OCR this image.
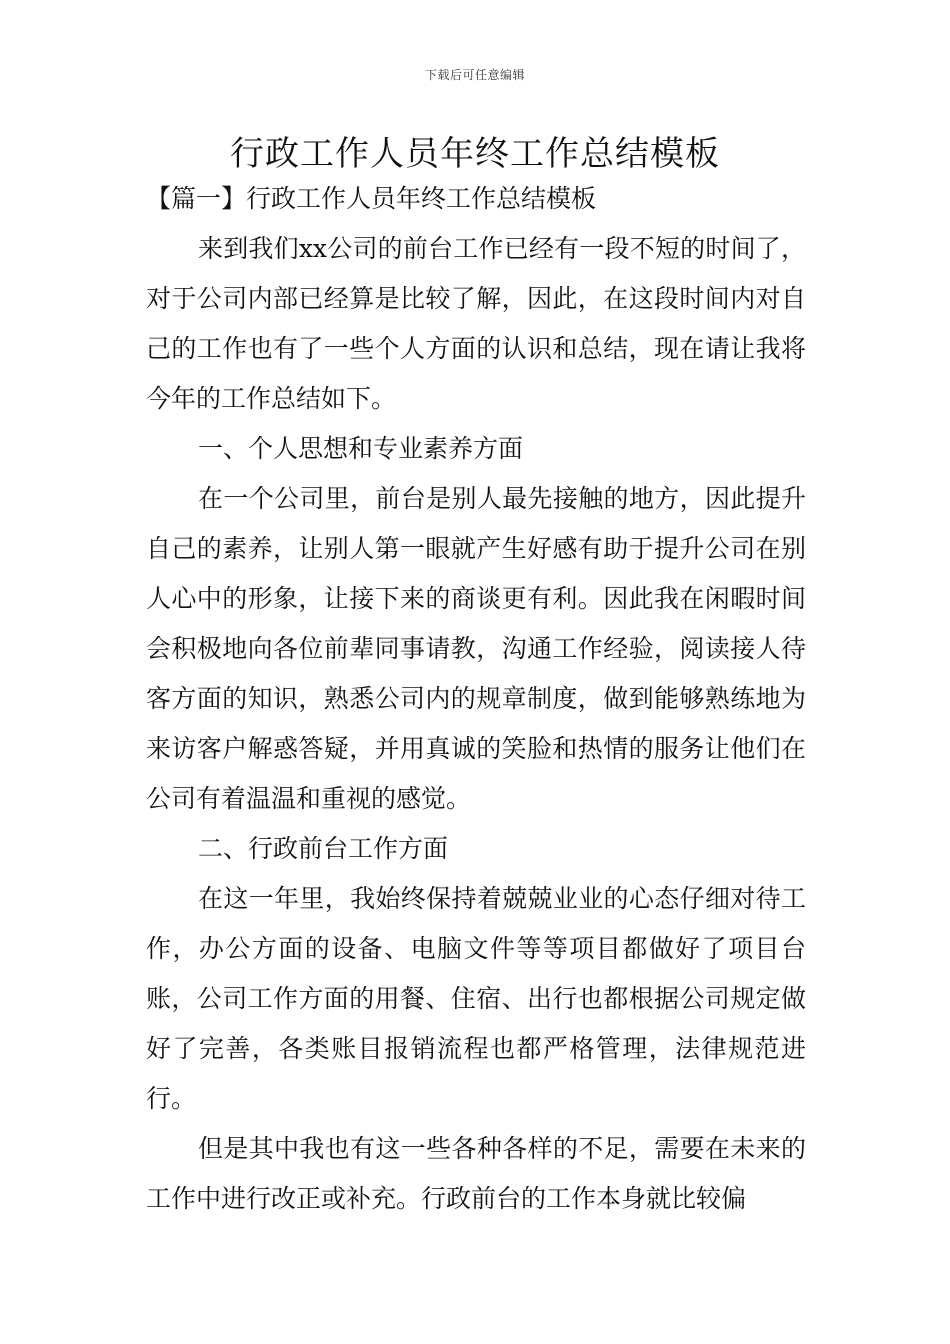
下载后可任意编辑
行政工作人员年终工作总结模板
【篇一】行政工作人员年终工作总结模板

来到我们xx公司的前台工作已经有一段不短的时间了，对于公司内部已经算是比较了解，因此，在这段时间内对自己的工作也有了一些个人方面的认识和总结，现在请让我将今年的工作总结如下。

一、个人思想和专业素养方面

在一个公司里，前台是别人最先接触的地方，因此提升自己的素养，让别人第一眼就产生好感有助于提升公司在别人心中的形象，让接下来的商谈更有利。因此我在闲暇时间会积极地向各位前辈同事请教，沟通工作经验，阅读接人待客方面的知识，熟悉公司内的规章制度，做到能够熟练地为来访客户解惑答疑，并用真诚的笑脸和热情的服务让他们在公司有着温温和重视的感觉。

二、行政前台工作方面

在这一年里，我始终保持着兢兢业业的心态仔细对待工作，办公方面的设备、电脑文件等等项目都做好了项目台账，公司工作方面的用餐、住宿、出行也都根据公司规定做好了完善，各类账目报销流程也都严格管理，法律规范进行。

但是其中我也有这一些各种各样的不足，需要在未来的工作中进行改正或补充。行政前台的工作本身就比较偏
